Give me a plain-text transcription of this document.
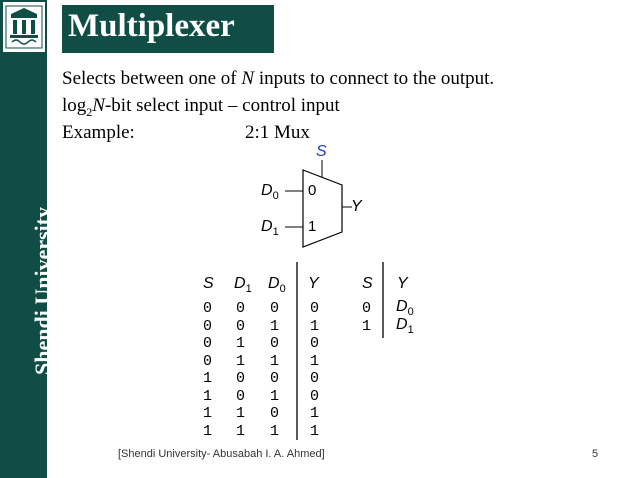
Shendi University
Multiplexer
Selects between one of N inputs to connect to the output.
$\log_2N$-bit select input – control input
Example:	2:1 Mux
S
$D_0$
$D_1$
0
1
Y
S $D_1$ $D_0$ Y
0 0 0 0
0 0 1 1
0 1 0 0
0 1 1 1
1 0 0 0
1 0 1 0
1 1 0 1
1 1 1 1
S Y
0 $D_0$
1 $D_1$
[Shendi University- Abusabah I. A. Ahmed]	5
